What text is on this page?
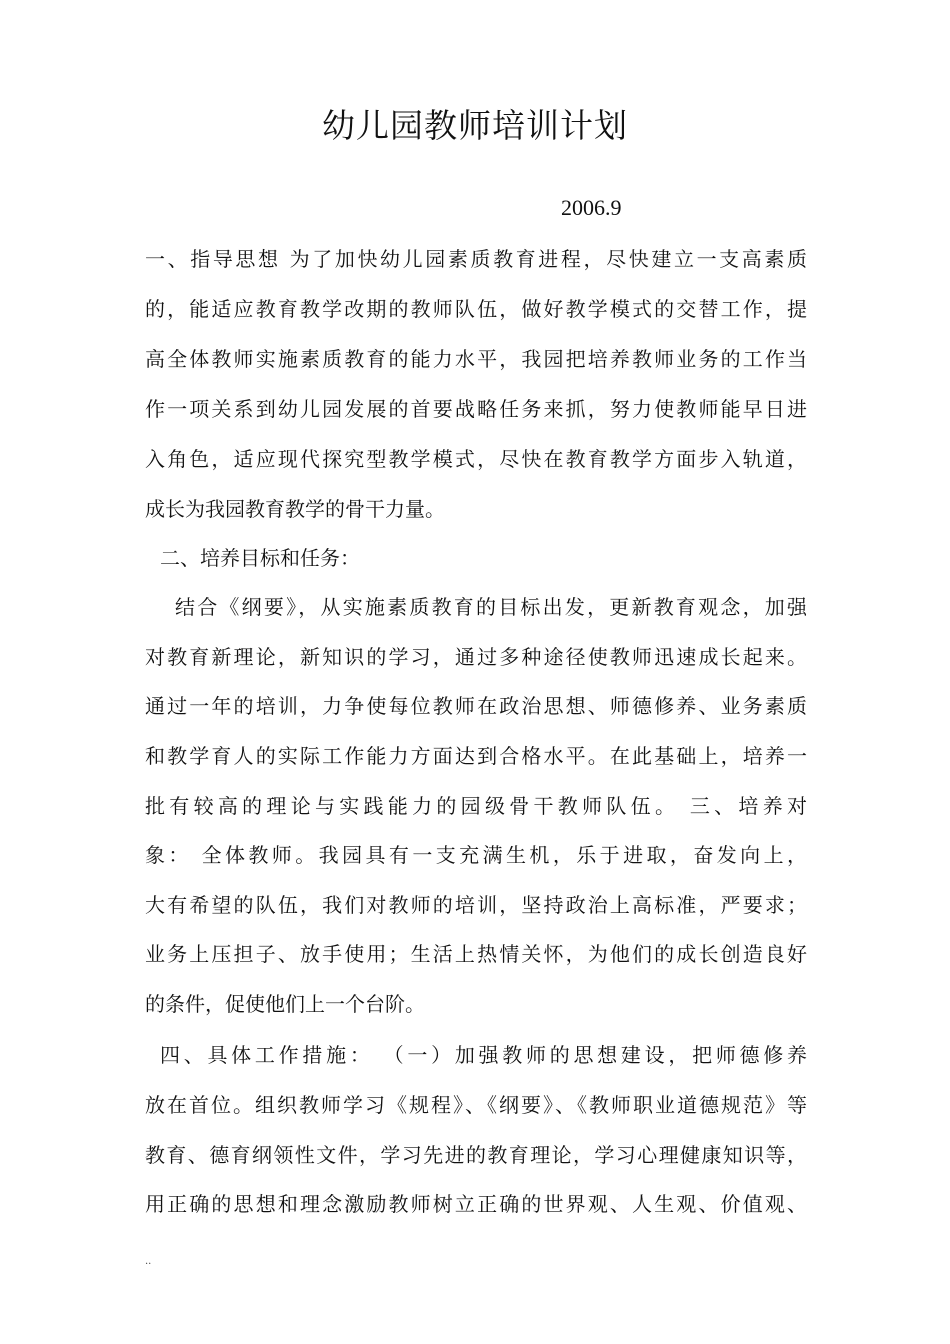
幼儿园教师培训计划
2006.9
一、指导思想 为了加快幼儿园素质教育进程，尽快建立一支高素质
的，能适应教育教学改期的教师队伍，做好教学模式的交替工作，提
高全体教师实施素质教育的能力水平，我园把培养教师业务的工作当
作一项关系到幼儿园发展的首要战略任务来抓，努力使教师能早日进
入角色，适应现代探究型教学模式，尽快在教育教学方面步入轨道，
成长为我园教育教学的骨干力量。
二、培养目标和任务：
结合《纲要》，从实施素质教育的目标出发，更新教育观念，加强
对教育新理论，新知识的学习，通过多种途径使教师迅速成长起来。
通过一年的培训，力争使每位教师在政治思想、师德修养、业务素质
和教学育人的实际工作能力方面达到合格水平。在此基础上，培养一
批有较高的理论与实践能力的园级骨干教师队伍。 三、培养对
象： 全体教师。我园具有一支充满生机，乐于进取，奋发向上，
大有希望的队伍，我们对教师的培训，坚持政治上高标准，严要求；
业务上压担子、放手使用；生活上热情关怀，为他们的成长创造良好
的条件，促使他们上一个台阶。
四、具体工作措施： （一）加强教师的思想建设，把师德修养
放在首位。组织教师学习《规程》、《纲要》、《教师职业道德规范》等
教育、德育纲领性文件，学习先进的教育理论，学习心理健康知识等，
用正确的思想和理念激励教师树立正确的世界观、人生观、价值观、
..
